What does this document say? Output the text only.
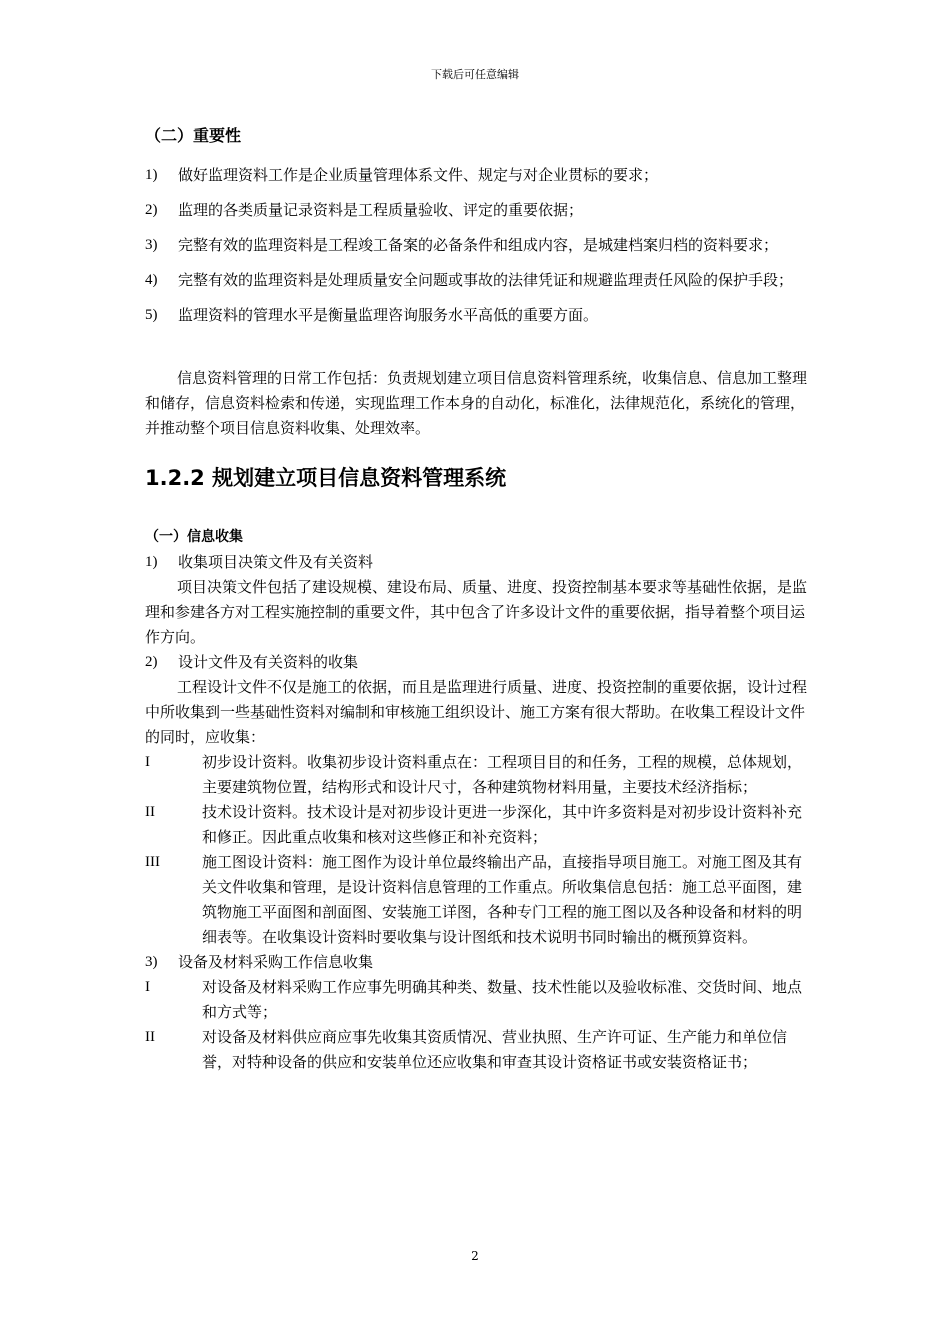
下载后可任意编辑
（二）重要性
1)	做好监理资料工作是企业质量管理体系文件、规定与对企业贯标的要求；
2)	监理的各类质量记录资料是工程质量验收、评定的重要依据；
3)	完整有效的监理资料是工程竣工备案的必备条件和组成内容，是城建档案归档的资料要求；
4)	完整有效的监理资料是处理质量安全问题或事故的法律凭证和规避监理责任风险的保护手段；
5)	监理资料的管理水平是衡量监理咨询服务水平高低的重要方面。

信息资料管理的日常工作包括：负责规划建立项目信息资料管理系统，收集信息、信息加工整理和储存，信息资料检索和传递，实现监理工作本身的自动化，标准化，法律规范化，系统化的管理，并推动整个项目信息资料收集、处理效率。

1.2.2 规划建立项目信息资料管理系统
（一）信息收集
1)	收集项目决策文件及有关资料

项目决策文件包括了建设规模、建设布局、质量、进度、投资控制基本要求等基础性依据，是监理和参建各方对工程实施控制的重要文件，其中包含了许多设计文件的重要依据，指导着整个项目运作方向。

2)	设计文件及有关资料的收集

工程设计文件不仅是施工的依据，而且是监理进行质量、进度、投资控制的重要依据，设计过程中所收集到一些基础性资料对编制和审核施工组织设计、施工方案有很大帮助。在收集工程设计文件的同时，应收集：

I	初步设计资料。收集初步设计资料重点在：工程项目目的和任务，工程的规模，总体规划，主要建筑物位置，结构形式和设计尺寸，各种建筑物材料用量，主要技术经济指标；
II	技术设计资料。技术设计是对初步设计更进一步深化，其中许多资料是对初步设计资料补充和修正。因此重点收集和核对这些修正和补充资料；
III	施工图设计资料：施工图作为设计单位最终输出产品，直接指导项目施工。对施工图及其有关文件收集和管理，是设计资料信息管理的工作重点。所收集信息包括：施工总平面图，建筑物施工平面图和剖面图、安装施工详图，各种专门工程的施工图以及各种设备和材料的明细表等。在收集设计资料时要收集与设计图纸和技术说明书同时输出的概预算资料。
3)	设备及材料采购工作信息收集
I	对设备及材料采购工作应事先明确其种类、数量、技术性能以及验收标准、交货时间、地点和方式等；
II	对设备及材料供应商应事先收集其资质情况、营业执照、生产许可证、生产能力和单位信誉，对特种设备的供应和安装单位还应收集和审查其设计资格证书或安装资格证书；
2
